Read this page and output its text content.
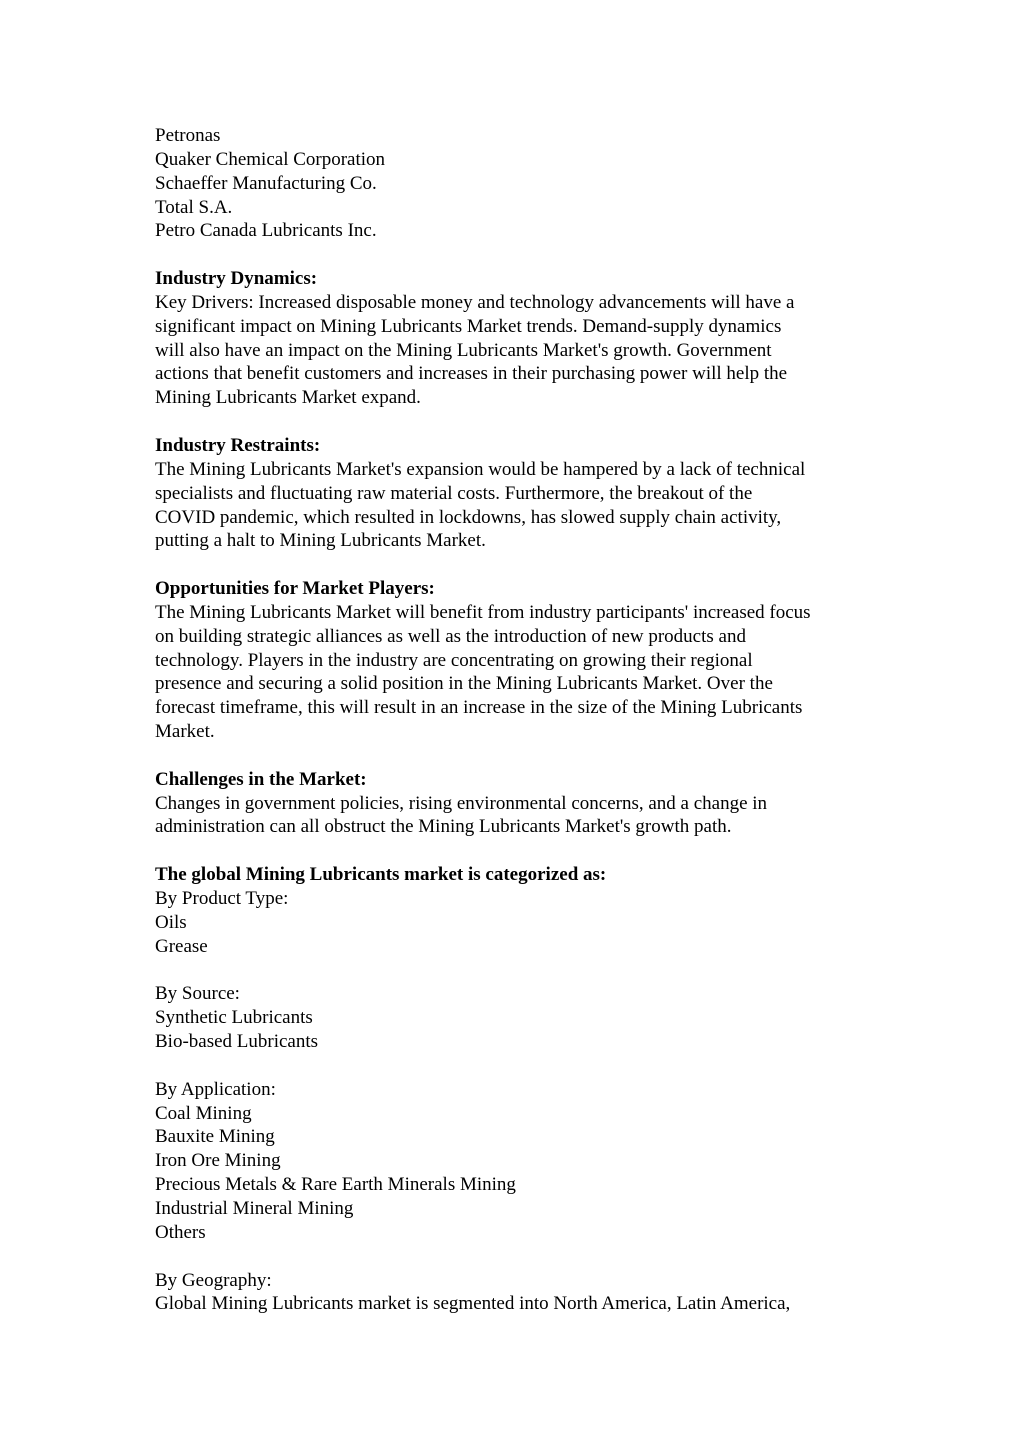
Petronas
Quaker Chemical Corporation
Schaeffer Manufacturing Co.
Total S.A.
Petro Canada Lubricants Inc.
Industry Dynamics:
Key Drivers: Increased disposable money and technology advancements will have a
significant impact on Mining Lubricants Market trends. Demand-supply dynamics
will also have an impact on the Mining Lubricants Market's growth. Government
actions that benefit customers and increases in their purchasing power will help the
Mining Lubricants Market expand.
Industry Restraints:
The Mining Lubricants Market's expansion would be hampered by a lack of technical
specialists and fluctuating raw material costs. Furthermore, the breakout of the
COVID pandemic, which resulted in lockdowns, has slowed supply chain activity,
putting a halt to Mining Lubricants Market.
Opportunities for Market Players:
The Mining Lubricants Market will benefit from industry participants' increased focus
on building strategic alliances as well as the introduction of new products and
technology. Players in the industry are concentrating on growing their regional
presence and securing a solid position in the Mining Lubricants Market. Over the
forecast timeframe, this will result in an increase in the size of the Mining Lubricants
Market.
Challenges in the Market:
Changes in government policies, rising environmental concerns, and a change in
administration can all obstruct the Mining Lubricants Market's growth path.
The global Mining Lubricants market is categorized as:
By Product Type:
Oils
Grease
By Source:
Synthetic Lubricants
Bio-based Lubricants
By Application:
Coal Mining
Bauxite Mining
Iron Ore Mining
Precious Metals & Rare Earth Minerals Mining
Industrial Mineral Mining
Others
By Geography:
Global Mining Lubricants market is segmented into North America, Latin America,
